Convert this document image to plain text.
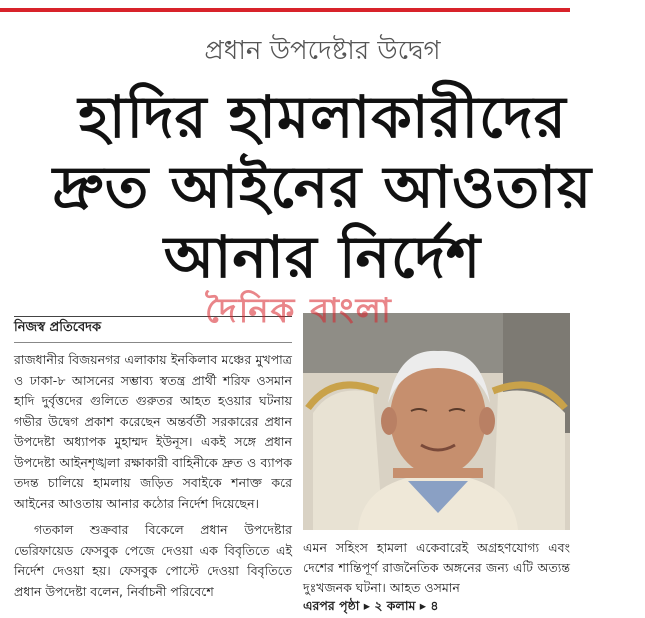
প্রধান উপদেষ্টার উদ্বেগ
হাদির হামলাকারীদের
দ্রুত আইনের আওতায়
আনার নির্দেশ
নিজস্ব প্রতিবেদক

রাজধানীর বিজয়নগর এলাকায় ইনকিলাব মঞ্চের মুখপাত্র ও ঢাকা-৮ আসনের সম্ভাব্য স্বতন্ত্র প্রার্থী শরিফ ওসমান হাদি দুর্বৃত্তদের গুলিতে গুরুতর আহত হওয়ার ঘটনায় গভীর উদ্বেগ প্রকাশ করেছেন অন্তর্বর্তী সরকারের প্রধান উপদেষ্টা অধ্যাপক মুহাম্মদ ইউনূস। একই সঙ্গে প্রধান উপদেষ্টা আইনশৃঙ্খলা রক্ষাকারী বাহিনীকে দ্রুত ও ব্যাপক তদন্ত চালিয়ে হামলায় জড়িত সবাইকে শনাক্ত করে আইনের আওতায় আনার কঠোর নির্দেশ দিয়েছেন।

গতকাল শুক্রবার বিকেলে প্রধান উপদেষ্টার ভেরিফায়েড ফেসবুক পেজে দেওয়া এক বিবৃতিতে এই নির্দেশ দেওয়া হয়। ফেসবুক পোস্টে দেওয়া বিবৃতিতে প্রধান উপদেষ্টা বলেন, নির্বাচনী পরিবেশে

দৈনিক বাংলা
এমন সহিংস হামলা একেবারেই অগ্রহণযোগ্য এবং দেশের শান্তিপূর্ণ রাজনৈতিক অঙ্গনের জন্য এটি অত্যন্ত দুঃখজনক ঘটনা। আহত ওসমান
এরপর পৃষ্ঠা ▸ ২ কলাম ▸ ৪
